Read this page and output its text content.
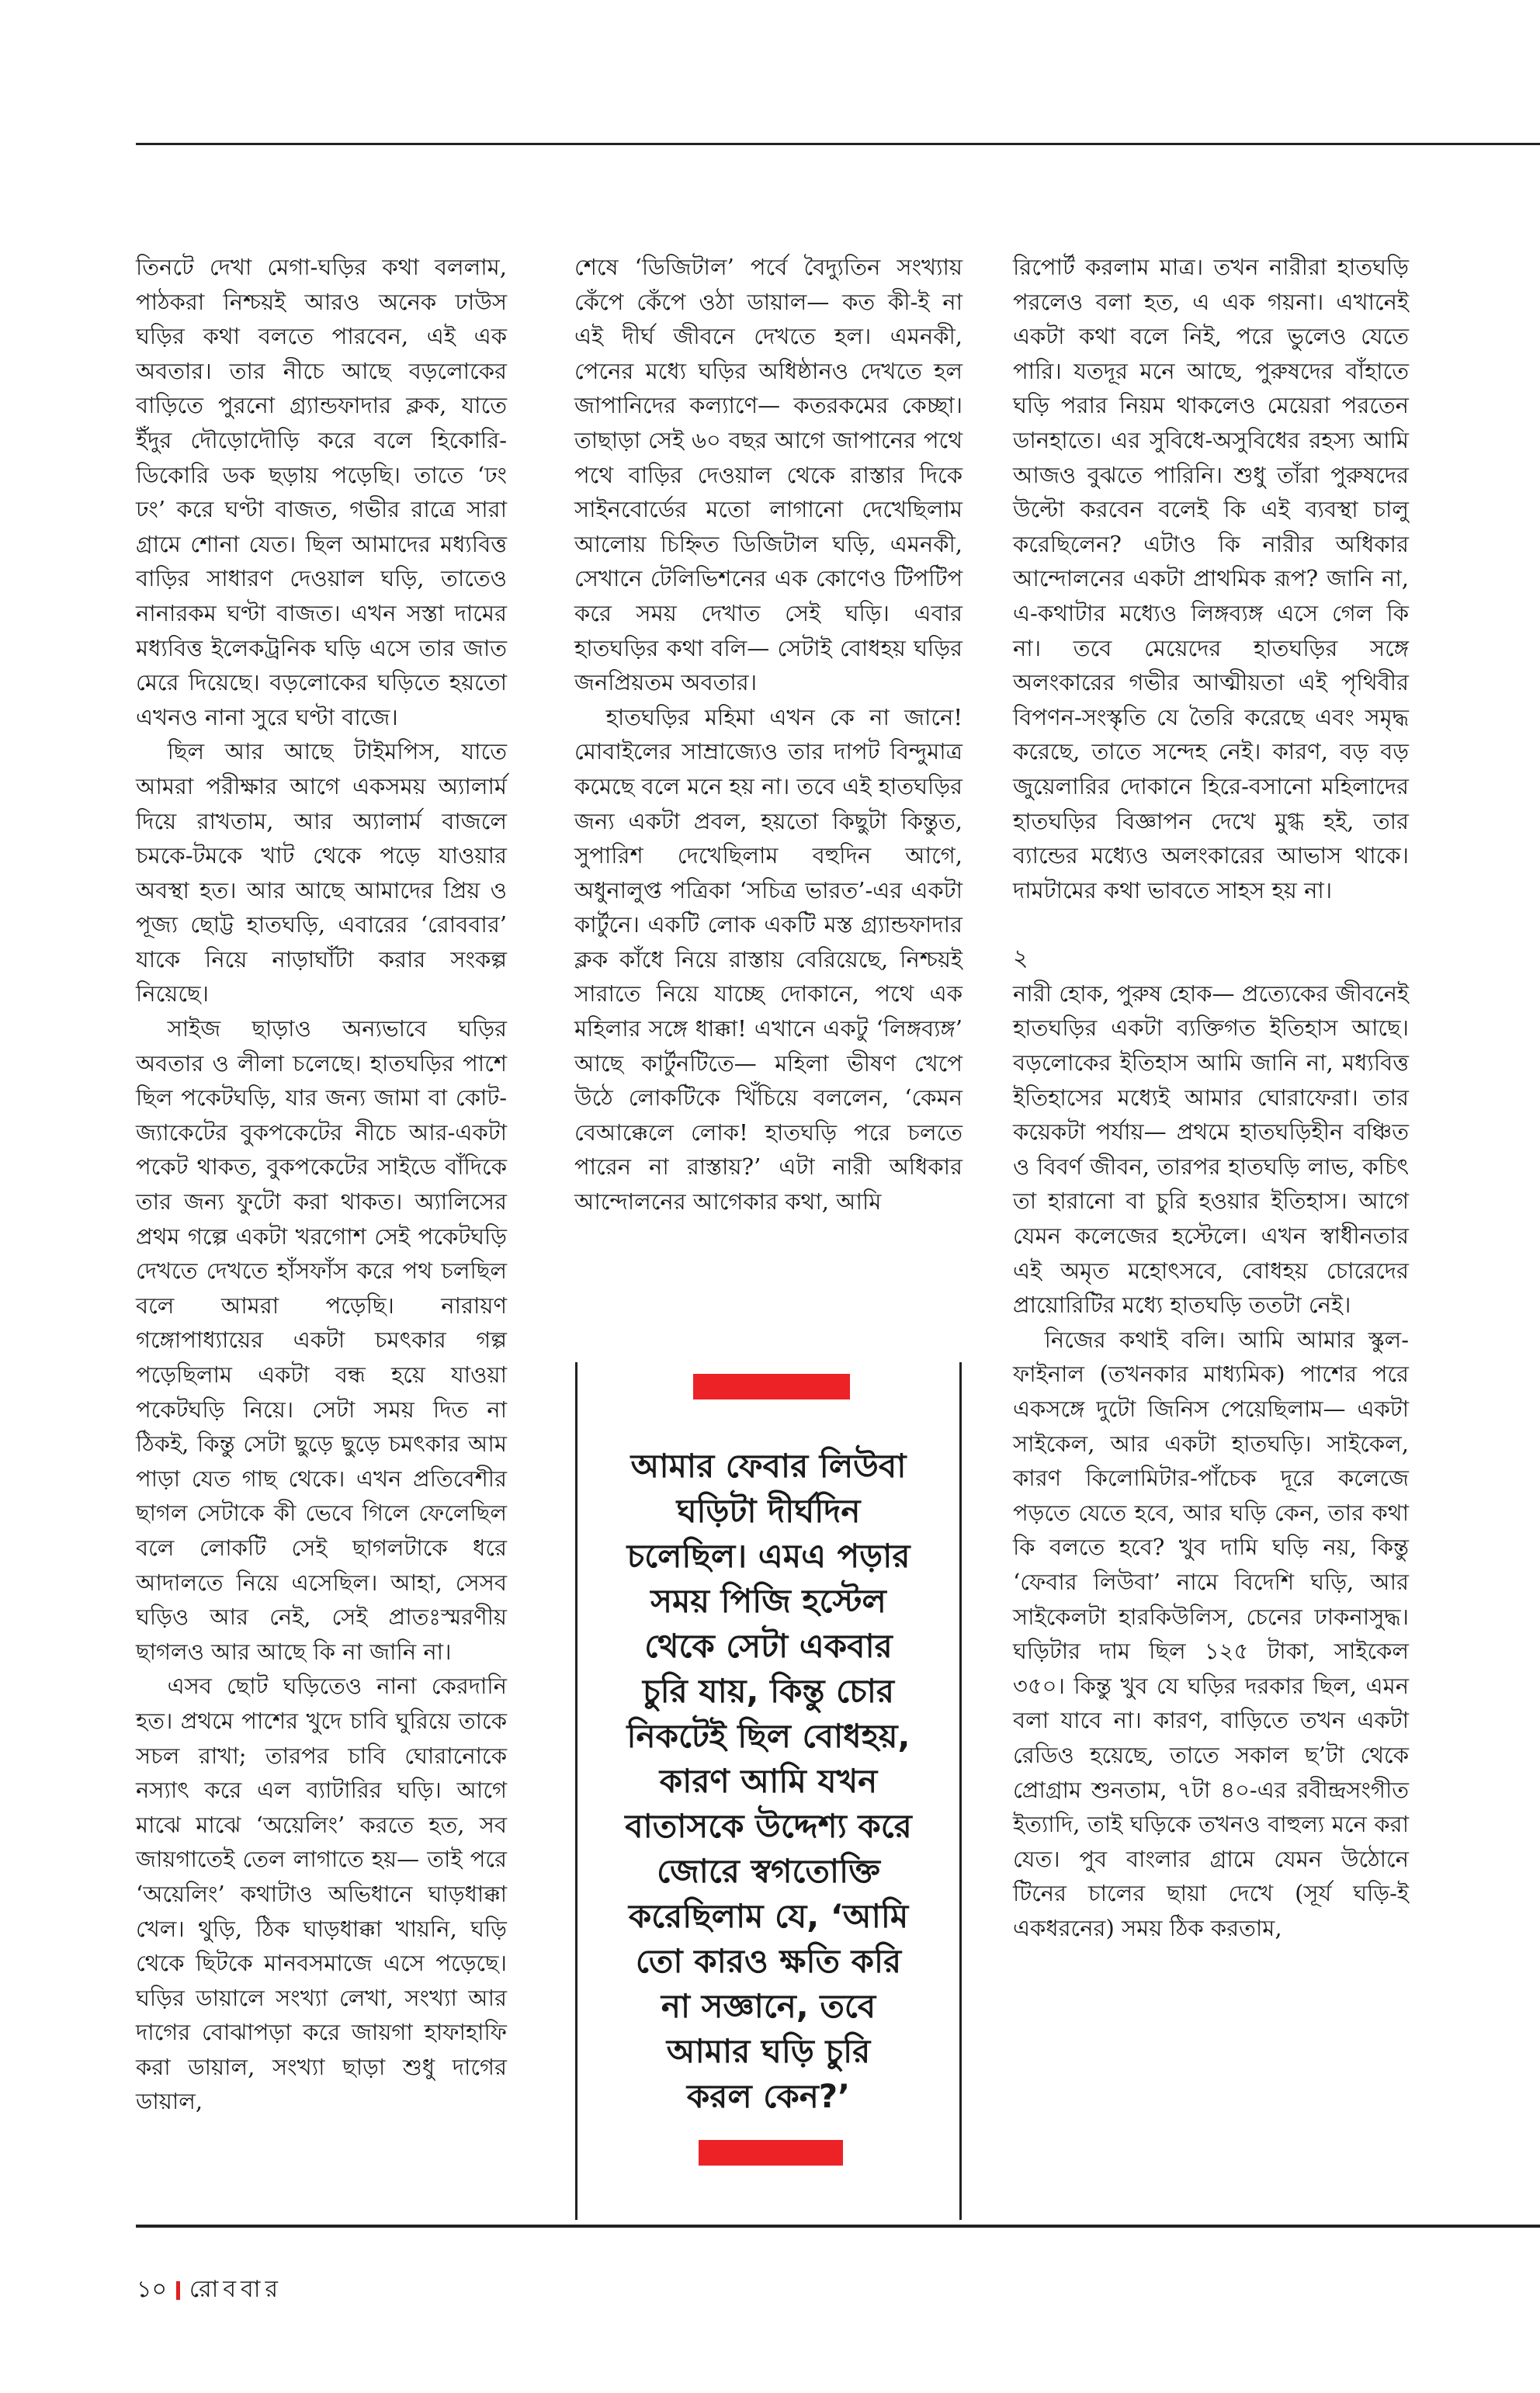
তিনটে দেখা মেগা-ঘড়ির কথা বললাম, পাঠকরা নিশ্চয়ই আরও অনেক ঢাউস ঘড়ির কথা বলতে পারবেন, এই এক অবতার। তার নীচে আছে বড়লোকের বাড়িতে পুরনো গ্র্যান্ডফাদার ক্লক, যাতে ইঁদুর দৌড়োদৌড়ি করে বলে হিকোরি-ডিকোরি ডক ছড়ায় পড়েছি। তাতে ‘ঢং ঢং’ করে ঘণ্টা বাজত, গভীর রাত্রে সারা গ্রামে শোনা যেত। ছিল আমাদের মধ্যবিত্ত বাড়ির সাধারণ দেওয়াল ঘড়ি, তাতেও নানারকম ঘণ্টা বাজত। এখন সস্তা দামের মধ্যবিত্ত ইলেকট্রনিক ঘড়ি এসে তার জাত মেরে দিয়েছে। বড়লোকের ঘড়িতে হয়তো এখনও নানা সুরে ঘণ্টা বাজে।

ছিল আর আছে টাইমপিস, যাতে আমরা পরীক্ষার আগে একসময় অ্যালার্ম দিয়ে রাখতাম, আর অ্যালার্ম বাজলে চমকে-টমকে খাট থেকে পড়ে যাওয়ার অবস্থা হত। আর আছে আমাদের প্রিয় ও পূজ্য ছোট্ট হাতঘড়ি, এবারের ‘রোববার’ যাকে নিয়ে নাড়াঘাঁটা করার সংকল্প নিয়েছে।

সাইজ ছাড়াও অন্যভাবে ঘড়ির অবতার ও লীলা চলেছে। হাতঘড়ির পাশে ছিল পকেটঘড়ি, যার জন্য জামা বা কোট-জ্যাকেটের বুকপকেটের নীচে আর-একটা পকেট থাকত, বুকপকেটের সাইডে বাঁদিকে তার জন্য ফুটো করা থাকত। অ্যালিসের প্রথম গল্পে একটা খরগোশ সেই পকেটঘড়ি দেখতে দেখতে হাঁসফাঁস করে পথ চলছিল বলে আমরা পড়েছি। নারায়ণ গঙ্গোপাধ্যায়ের একটা চমৎকার গল্প পড়েছিলাম একটা বন্ধ হয়ে যাওয়া পকেটঘড়ি নিয়ে। সেটা সময় দিত না ঠিকই, কিন্তু সেটা ছুড়ে ছুড়ে চমৎকার আম পাড়া যেত গাছ থেকে। এখন প্রতিবেশীর ছাগল সেটাকে কী ভেবে গিলে ফেলেছিল বলে লোকটি সেই ছাগলটাকে ধরে আদালতে নিয়ে এসেছিল। আহা, সেসব ঘড়িও আর নেই, সেই প্রাতঃস্মরণীয় ছাগলও আর আছে কি না জানি না।

এসব ছোট ঘড়িতেও নানা কেরদানি হত। প্রথমে পাশের খুদে চাবি ঘুরিয়ে তাকে সচল রাখা; তারপর চাবি ঘোরানোকে নস্যাৎ করে এল ব্যাটারির ঘড়ি। আগে মাঝে মাঝে ‘অয়েলিং’ করতে হত, সব জায়গাতেই তেল লাগাতে হয়— তাই পরে ‘অয়েলিং’ কথাটাও অভিধানে ঘাড়ধাক্কা খেল। থুড়ি, ঠিক ঘাড়ধাক্কা খায়নি, ঘড়ি থেকে ছিটকে মানবসমাজে এসে পড়েছে। ঘড়ির ডায়ালে সংখ্যা লেখা, সংখ্যা আর দাগের বোঝাপড়া করে জায়গা হাফাহাফি করা ডায়াল, সংখ্যা ছাড়া শুধু দাগের ডায়াল,

শেষে ‘ডিজিটাল’ পর্বে বৈদ্যুতিন সংখ্যায় কেঁপে কেঁপে ওঠা ডায়াল— কত কী-ই না এই দীর্ঘ জীবনে দেখতে হল। এমনকী, পেনের মধ্যে ঘড়ির অধিষ্ঠানও দেখতে হল জাপানিদের কল্যাণে— কতরকমের কেচ্ছা। তাছাড়া সেই ৬০ বছর আগে জাপানের পথে পথে বাড়ির দেওয়াল থেকে রাস্তার দিকে সাইনবোর্ডের মতো লাগানো দেখেছিলাম আলোয় চিহ্নিত ডিজিটাল ঘড়ি, এমনকী, সেখানে টেলিভিশনের এক কোণেও টিপটিপ করে সময় দেখাত সেই ঘড়ি। এবার হাতঘড়ির কথা বলি— সেটাই বোধহয় ঘড়ির জনপ্রিয়তম অবতার।

হাতঘড়ির মহিমা এখন কে না জানে! মোবাইলের সাম্রাজ্যেও তার দাপট বিন্দুমাত্র কমেছে বলে মনে হয় না। তবে এই হাতঘড়ির জন্য একটা প্রবল, হয়তো কিছুটা কিন্তুত, সুপারিশ দেখেছিলাম বহুদিন আগে, অধুনালুপ্ত পত্রিকা ‘সচিত্র ভারত’-এর একটা কার্টুনে। একটি লোক একটি মস্ত গ্র্যান্ডফাদার ক্লক কাঁধে নিয়ে রাস্তায় বেরিয়েছে, নিশ্চয়ই সারাতে নিয়ে যাচ্ছে দোকানে, পথে এক মহিলার সঙ্গে ধাক্কা! এখানে একটু ‘লিঙ্গব্যঙ্গ’ আছে কার্টুনটিতে— মহিলা ভীষণ খেপে উঠে লোকটিকে খিঁচিয়ে বললেন, ‘কেমন বেআক্কেলে লোক! হাতঘড়ি পরে চলতে পারেন না রাস্তায়?’ এটা নারী অধিকার আন্দোলনের আগেকার কথা, আমি

আমার ফেবার লিউবা
ঘড়িটা দীর্ঘদিন
চলেছিল। এমএ পড়ার
সময় পিজি হস্টেল
থেকে সেটা একবার
চুরি যায়, কিন্তু চোর
নিকটেই ছিল বোধহয়,
কারণ আমি যখন
বাতাসকে উদ্দেশ্য করে
জোরে স্বগতোক্তি
করেছিলাম যে, ‘আমি
তো কারও ক্ষতি করি
না সজ্ঞানে, তবে
আমার ঘড়ি চুরি
করল কেন?’

রিপোর্ট করলাম মাত্র। তখন নারীরা হাতঘড়ি পরলেও বলা হত, এ এক গয়না। এখানেই একটা কথা বলে নিই, পরে ভুলেও যেতে পারি। যতদূর মনে আছে, পুরুষদের বাঁহাতে ঘড়ি পরার নিয়ম থাকলেও মেয়েরা পরতেন ডানহাতে। এর সুবিধে-অসুবিধের রহস্য আমি আজও বুঝতে পারিনি। শুধু তাঁরা পুরুষদের উল্টো করবেন বলেই কি এই ব্যবস্থা চালু করেছিলেন? এটাও কি নারীর অধিকার আন্দোলনের একটা প্রাথমিক রূপ? জানি না, এ-কথাটার মধ্যেও লিঙ্গব্যঙ্গ এসে গেল কি না। তবে মেয়েদের হাতঘড়ির সঙ্গে অলংকারের গভীর আত্মীয়তা এই পৃথিবীর বিপণন-সংস্কৃতি যে তৈরি করেছে এবং সমৃদ্ধ করেছে, তাতে সন্দেহ নেই। কারণ, বড় বড় জুয়েলারির দোকানে হিরে-বসানো মহিলাদের হাতঘড়ির বিজ্ঞাপন দেখে মুগ্ধ হই, তার ব্যান্ডের মধ্যেও অলংকারের আভাস থাকে। দামটামের কথা ভাবতে সাহস হয় না।

২

নারী হোক, পুরুষ হোক— প্রত্যেকের জীবনেই হাতঘড়ির একটা ব্যক্তিগত ইতিহাস আছে। বড়লোকের ইতিহাস আমি জানি না, মধ্যবিত্ত ইতিহাসের মধ্যেই আমার ঘোরাফেরা। তার কয়েকটা পর্যায়— প্রথমে হাতঘড়িহীন বঞ্চিত ও বিবর্ণ জীবন, তারপর হাতঘড়ি লাভ, কচিৎ তা হারানো বা চুরি হওয়ার ইতিহাস। আগে যেমন কলেজের হস্টেলে। এখন স্বাধীনতার এই অমৃত মহোৎসবে, বোধহয় চোরেদের প্রায়োরিটির মধ্যে হাতঘড়ি ততটা নেই।

নিজের কথাই বলি। আমি আমার স্কুল-ফাইনাল (তখনকার মাধ্যমিক) পাশের পরে একসঙ্গে দুটো জিনিস পেয়েছিলাম— একটা সাইকেল, আর একটা হাতঘড়ি। সাইকেল, কারণ কিলোমিটার-পাঁচেক দূরে কলেজে পড়তে যেতে হবে, আর ঘড়ি কেন, তার কথা কি বলতে হবে? খুব দামি ঘড়ি নয়, কিন্তু ‘ফেবার লিউবা’ নামে বিদেশি ঘড়ি, আর সাইকেলটা হারকিউলিস, চেনের ঢাকনাসুদ্ধ। ঘড়িটার দাম ছিল ১২৫ টাকা, সাইকেল ৩৫০। কিন্তু খুব যে ঘড়ির দরকার ছিল, এমন বলা যাবে না। কারণ, বাড়িতে তখন একটা রেডিও হয়েছে, তাতে সকাল ছ’টা থেকে প্রোগ্রাম শুনতাম, ৭টা ৪০-এর রবীন্দ্রসংগীত ইত্যাদি, তাই ঘড়িকে তখনও বাহুল্য মনে করা যেত। পুব বাংলার গ্রামে যেমন উঠোনে টিনের চালের ছায়া দেখে (সূর্য ঘড়ি-ই একধরনের) সময় ঠিক করতাম,

১০ রোববার
